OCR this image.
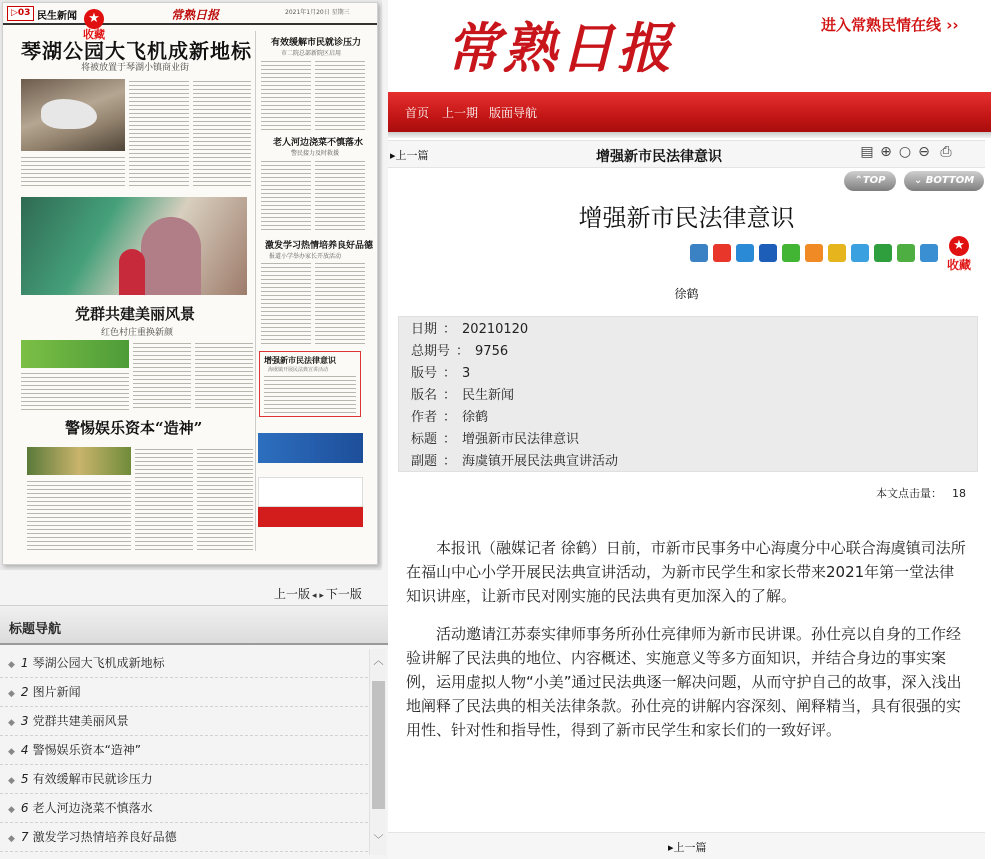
▷03 民生新闻	常熟日报	2021年1月20日 星期三
★
收藏
琴湖公园大飞机成新地标
将被放置于琴湖小镇商业街
党群共建美丽风景
红色村庄重换新颜
警惕娱乐资本“造神”
有效缓解市民就诊压力
市二院总部新院区启用
老人河边浇菜不慎落水
警民接力及时救援
激发学习热情培养良好品德
报道小学举办家长开放活动
增强新市民法律意识
海虞镇开展民法典宣讲活动
上一版 ◂ ▸ 下一版
标题导航
◆ 1 琴湖公园大飞机成新地标
◆ 2 图片新闻
◆ 3 党群共建美丽风景
◆ 4 警惕娱乐资本“造神”
◆ 5 有效缓解市民就诊压力
◆ 6 老人河边浇菜不慎落水
◆ 7 激发学习热情培养良好品德
︿
﹀
常熟日报	进入常熟民情在线 ››
首页 上一期 版面导航
▸上一篇	增强新市民法律意识	▤ ⊕ ○ ⊖ ⎙
⌃TOP	⌄ BOTTOM
增强新市民法律意识
★
收藏
徐鹤
日期 ： 20210120
总期号 ： 9756
版号 ： 3
版名 ： 民生新闻
作者 ： 徐鹤
标题 ： 增强新市民法律意识
副题 ： 海虞镇开展民法典宣讲活动
本文点击量： 18

本报讯（融媒记者 徐鹤）日前，市新市民事务中心海虞分中心联合海虞镇司法所在福山中心小学开展民法典宣讲活动，为新市民学生和家长带来2021年第一堂法律知识讲座，让新市民对刚实施的民法典有更加深入的了解。

活动邀请江苏泰实律师事务所孙仕亮律师为新市民讲课。孙仕亮以自身的工作经验讲解了民法典的地位、内容概述、实施意义等多方面知识，并结合身边的事实案例，运用虚拟人物“小美”通过民法典逐一解决问题，从而守护自己的故事，深入浅出地阐释了民法典的相关法律条款。孙仕亮的讲解内容深刻、阐释精当，具有很强的实用性、针对性和指导性，得到了新市民学生和家长们的一致好评。

▸上一篇
